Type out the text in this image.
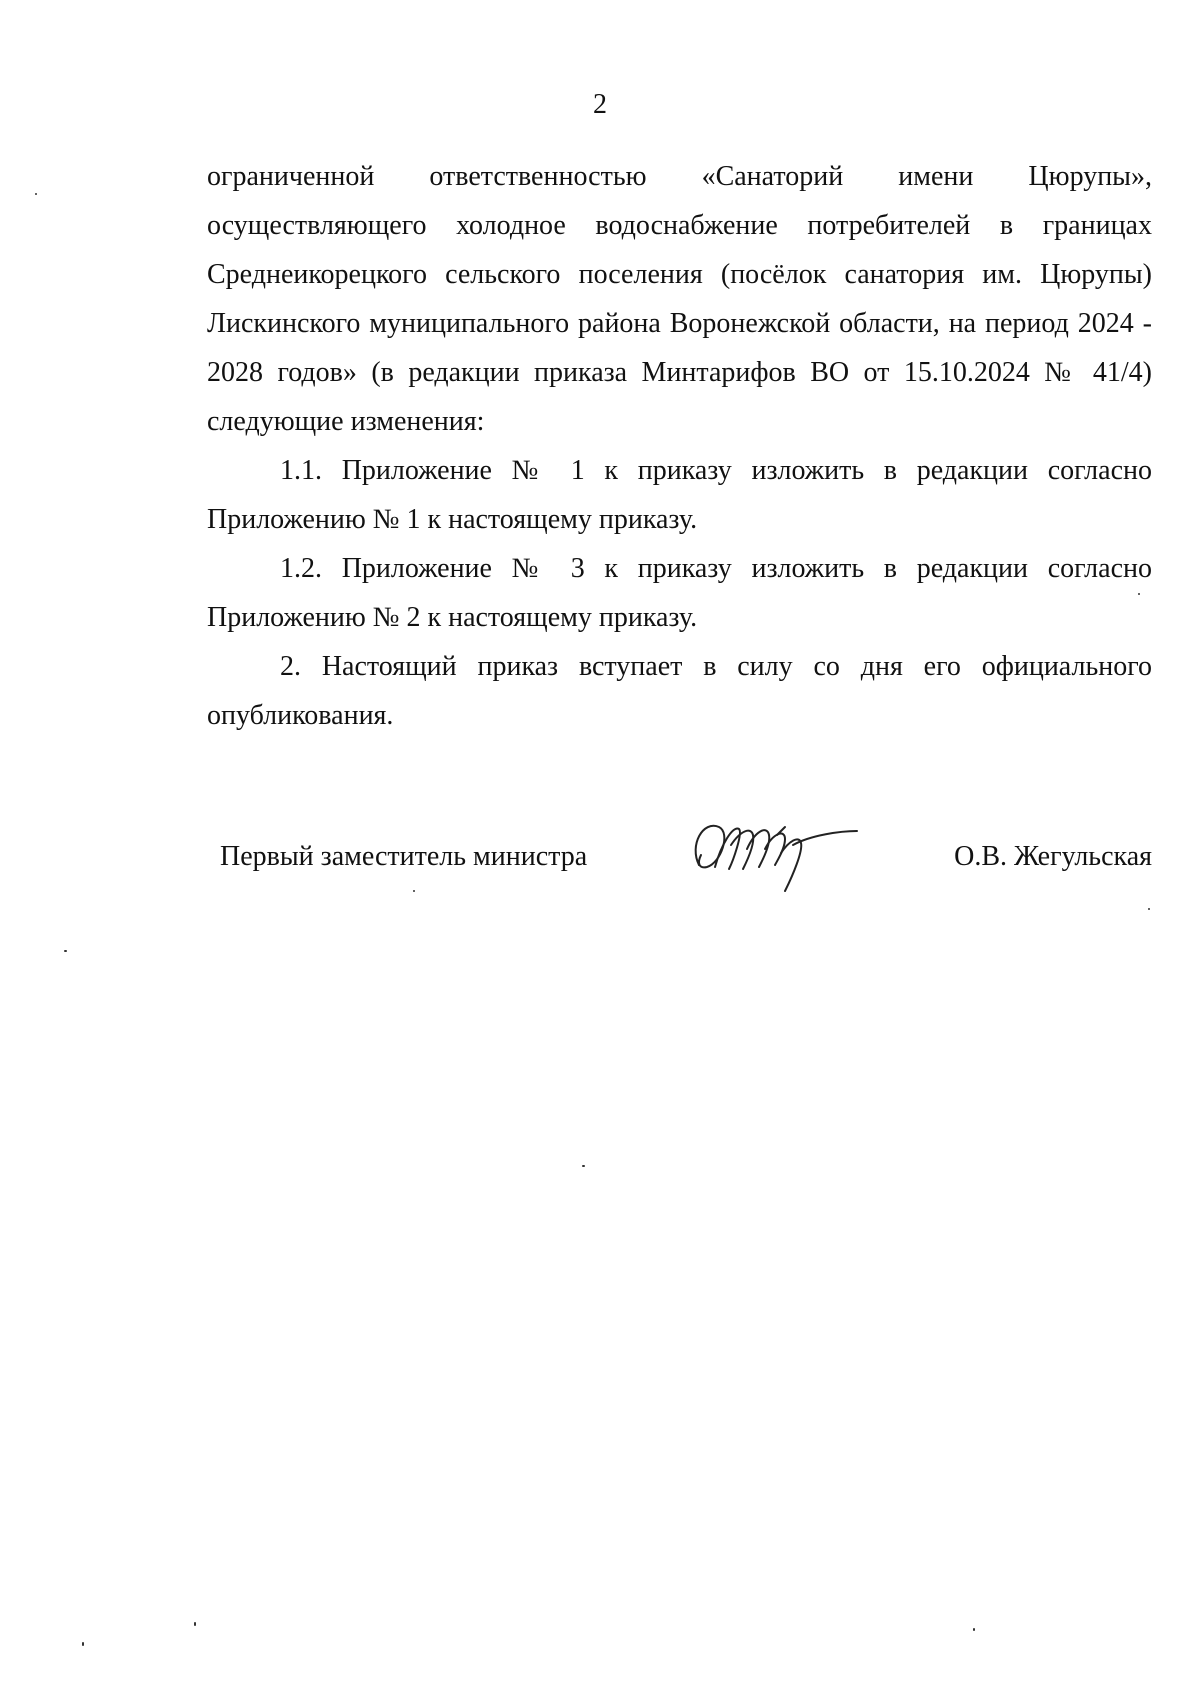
2

ограниченной ответственностью «Санаторий имени Цюрупы», осуществляющего холодное водоснабжение потребителей в границах Среднеикорецкого сельского поселения (посёлок санатория им. Цюрупы) Лискинского муниципального района Воронежской области, на период 2024 - 2028 годов» (в редакции приказа Минтарифов ВО от 15.10.2024 № 41/4) следующие изменения:

1.1. Приложение № 1 к приказу изложить в редакции согласно Приложению № 1 к настоящему приказу.

1.2. Приложение № 3 к приказу изложить в редакции согласно Приложению № 2 к настоящему приказу.

2. Настоящий приказ вступает в силу со дня его официального опубликования.

Первый заместитель министра	О.В. Жегульская
